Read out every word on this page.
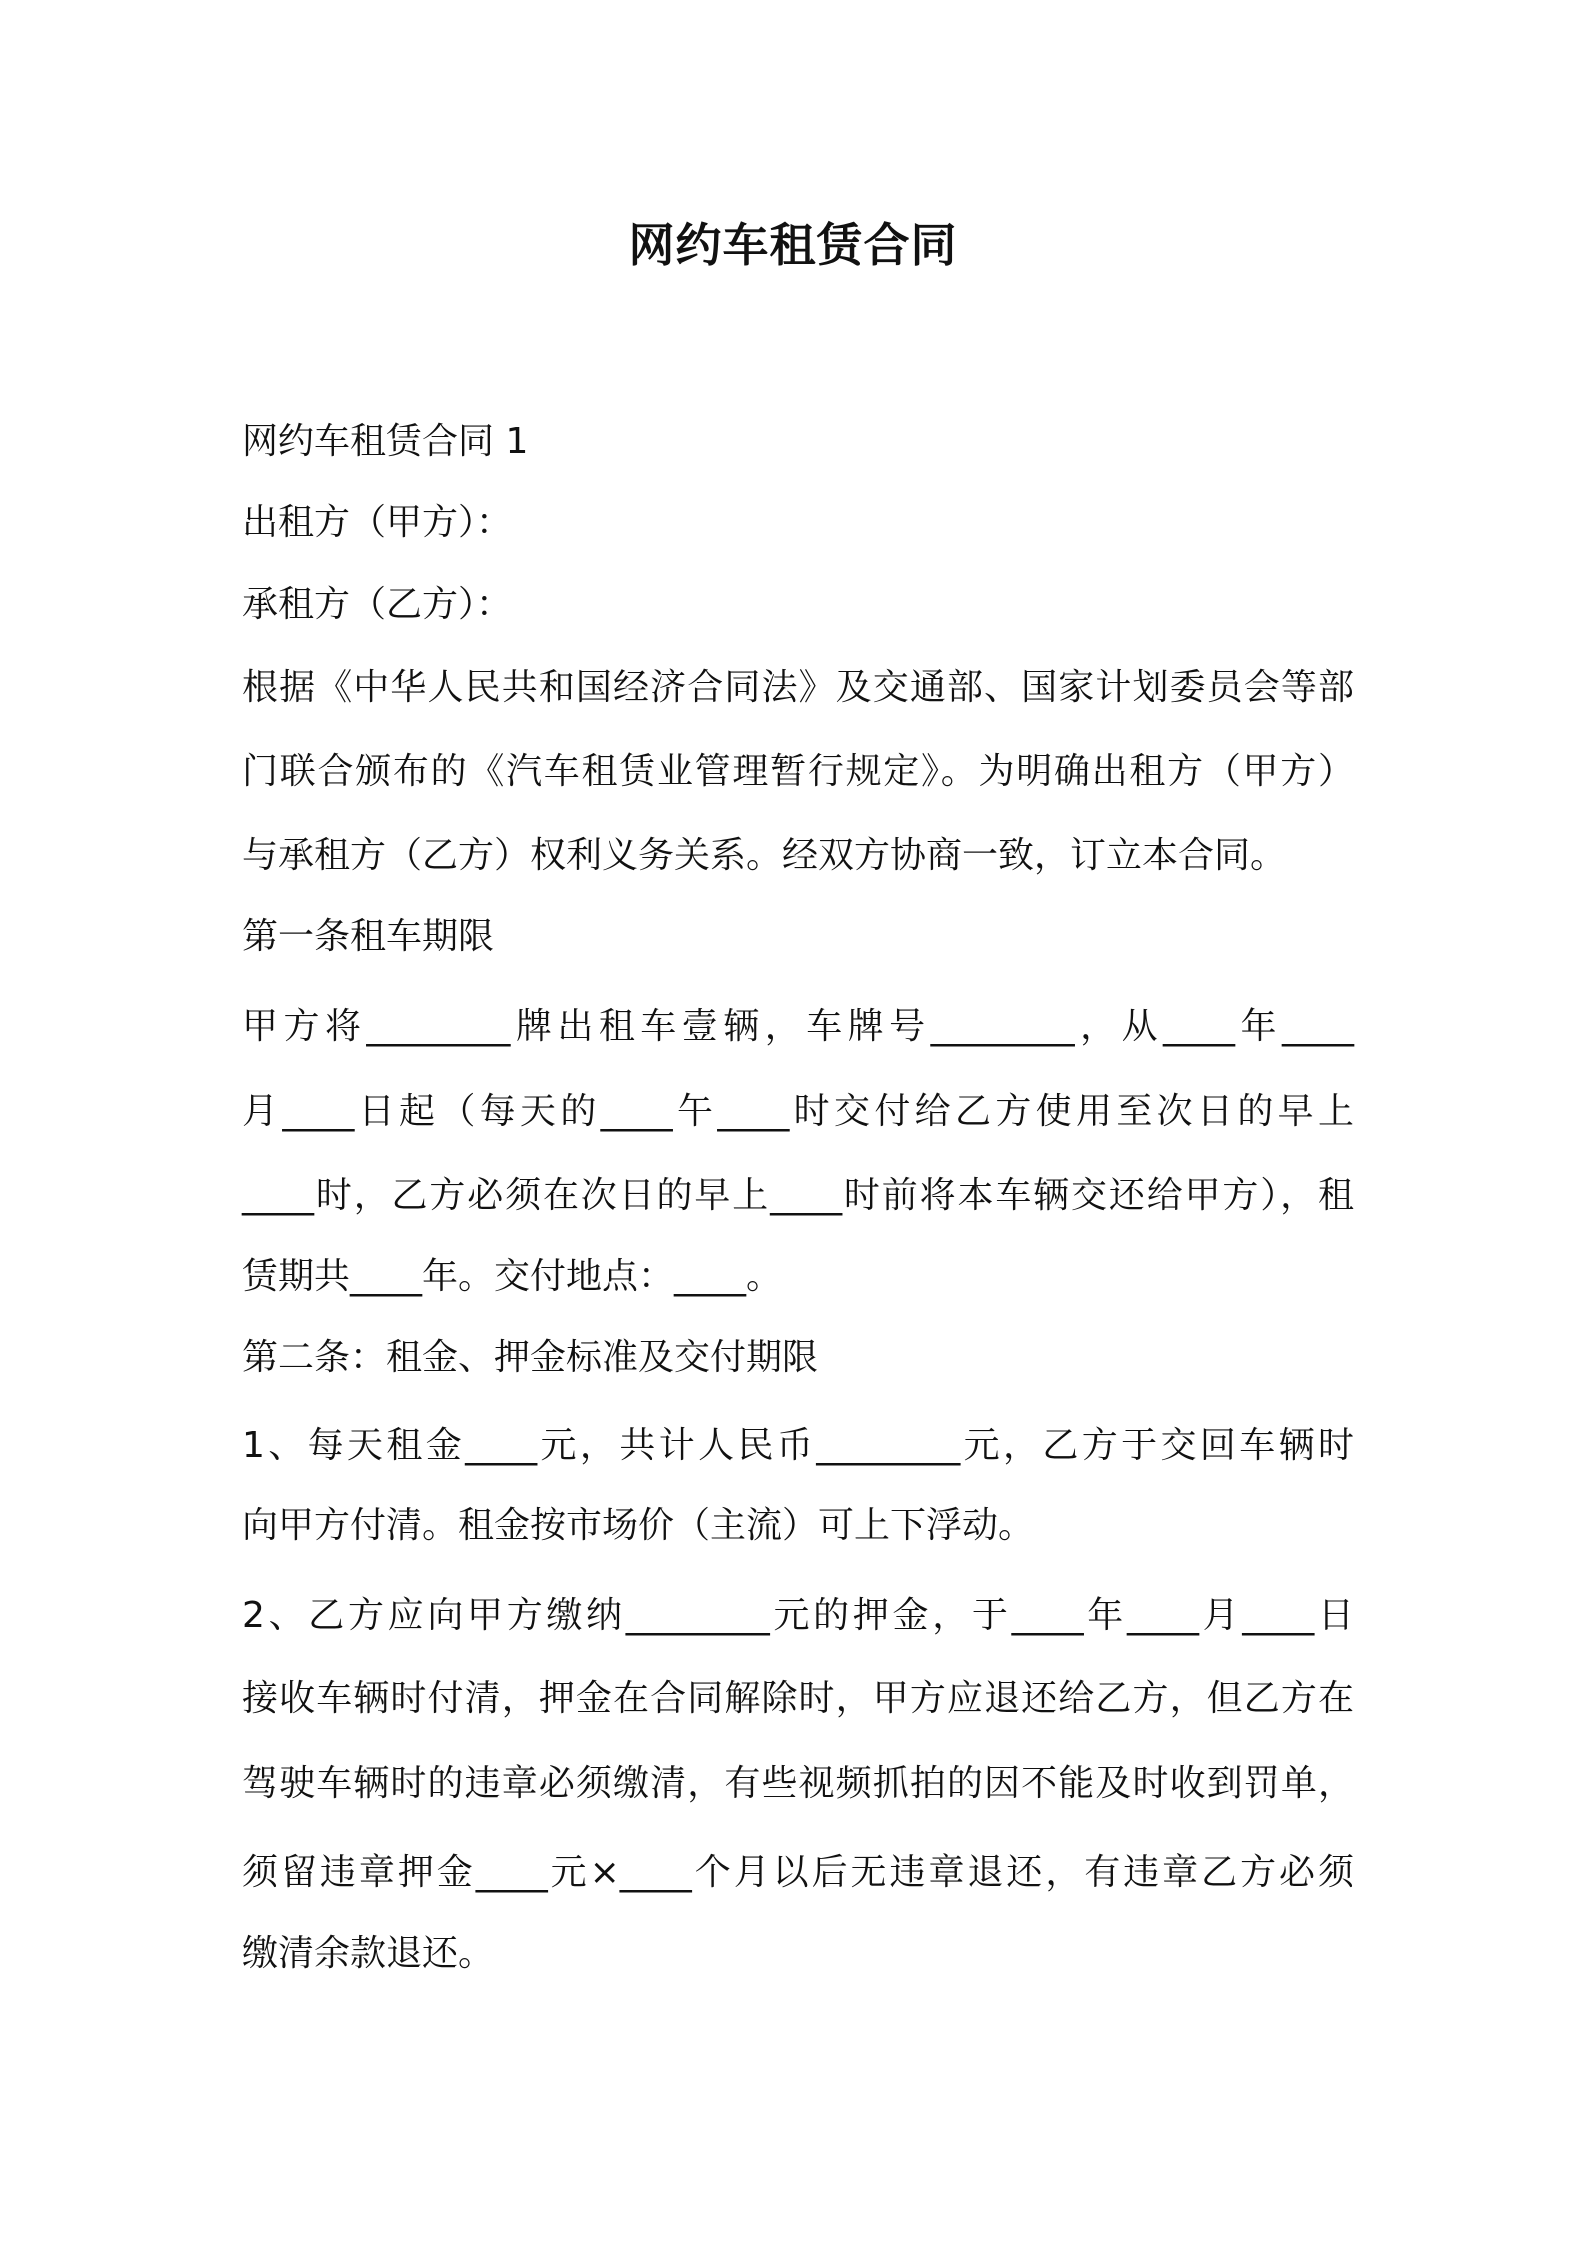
网约车租赁合同
网约车租赁合同 1
出租方（甲方）：
承租方（乙方）：
根据《中华人民共和国经济合同法》及交通部、国家计划委员会等部
门联合颁布的《汽车租赁业管理暂行规定》。为明确出租方（甲方）
与承租方（乙方）权利义务关系。经双方协商一致，订立本合同。
第一条租车期限
甲方将________牌出租车壹辆，车牌号________，从____年____
月____日起（每天的____午____时交付给乙方使用至次日的早上
____时，乙方必须在次日的早上____时前将本车辆交还给甲方），租
赁期共____年。交付地点：____。
第二条：租金、押金标准及交付期限
1、每天租金____元，共计人民币________元，乙方于交回车辆时
向甲方付清。租金按市场价（主流）可上下浮动。
2、乙方应向甲方缴纳________元的押金，于____年____月____日
接收车辆时付清，押金在合同解除时，甲方应退还给乙方，但乙方在
驾驶车辆时的违章必须缴清，有些视频抓拍的因不能及时收到罚单，
须留违章押金____元×____个月以后无违章退还，有违章乙方必须
缴清余款退还。
